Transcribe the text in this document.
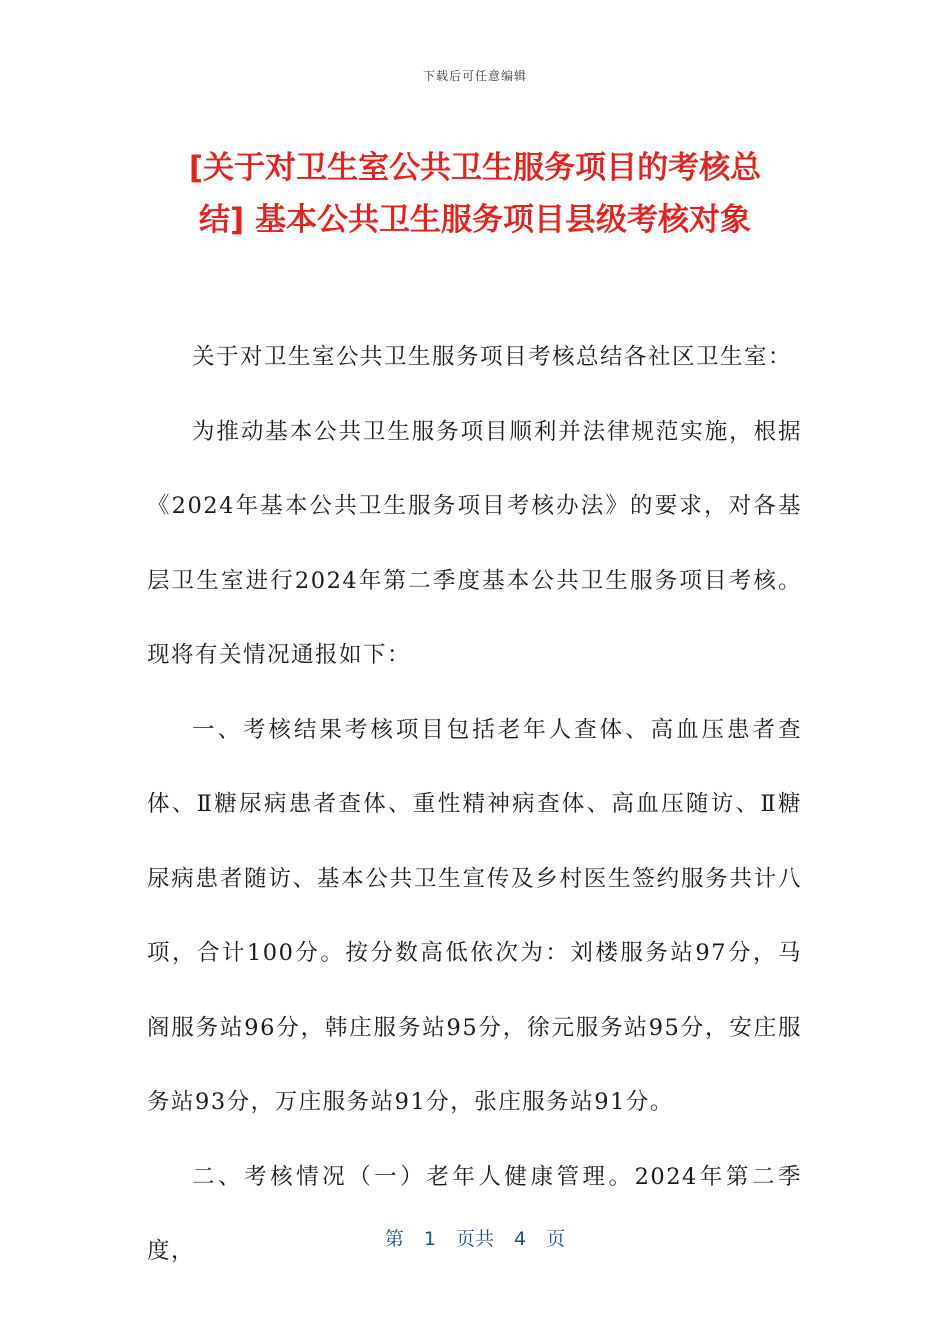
下载后可任意编辑
[关于对卫生室公共卫生服务项目的考核总
结] 基本公共卫生服务项目县级考核对象

关于对卫生室公共卫生服务项目考核总结各社区卫生室：

为推动基本公共卫生服务项目顺利并法律规范实施，根据《2024年基本公共卫生服务项目考核办法》的要求，对各基层卫生室进行2024年第二季度基本公共卫生服务项目考核。现将有关情况通报如下：

一、考核结果考核项目包括老年人查体、高血压患者查体、Ⅱ糖尿病患者查体、重性精神病查体、高血压随访、Ⅱ糖尿病患者随访、基本公共卫生宣传及乡村医生签约服务共计八项，合计100分。按分数高低依次为：刘楼服务站97分，马阁服务站96分，韩庄服务站95分，徐元服务站95分，安庄服务站93分，万庄服务站91分，张庄服务站91分。

二、考核情况（一）老年人健康管理。2024年第二季度，	第 1 页共 4 页
